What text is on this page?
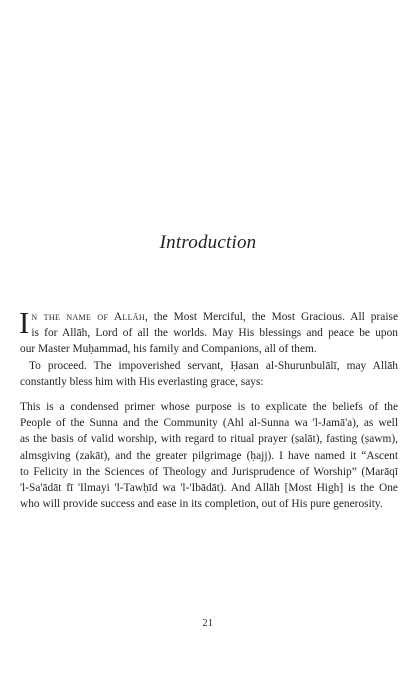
Introduction
In the name of Allāh, the Most Merciful, the Most Gracious. All praise
is for Allāh, Lord of all the worlds. May His blessings and peace be upon
our Master Muḥammad, his family and Companions, all of them.
To proceed. The impoverished servant, Ḥasan al-Shurunbulālī, may Allāh
constantly bless him with His everlasting grace, says:
This is a condensed primer whose purpose is to explicate the beliefs of the
People of the Sunna and the Community (Ahl al-Sunna wa 'l-Jamā'a), as well
as the basis of valid worship, with regard to ritual prayer (ṣalāt), fasting (ṣawm),
almsgiving (zakāt), and the greater pilgrimage (ḥajj). I have named it “Ascent
to Felicity in the Sciences of Theology and Jurisprudence of Worship” (Marāqī
'l-Sa'ādāt fī 'Ilmayi 'l-Tawḥīd wa 'l-'Ibādāt). And Allāh [Most High] is the One
who will provide success and ease in its completion, out of His pure generosity.
21
